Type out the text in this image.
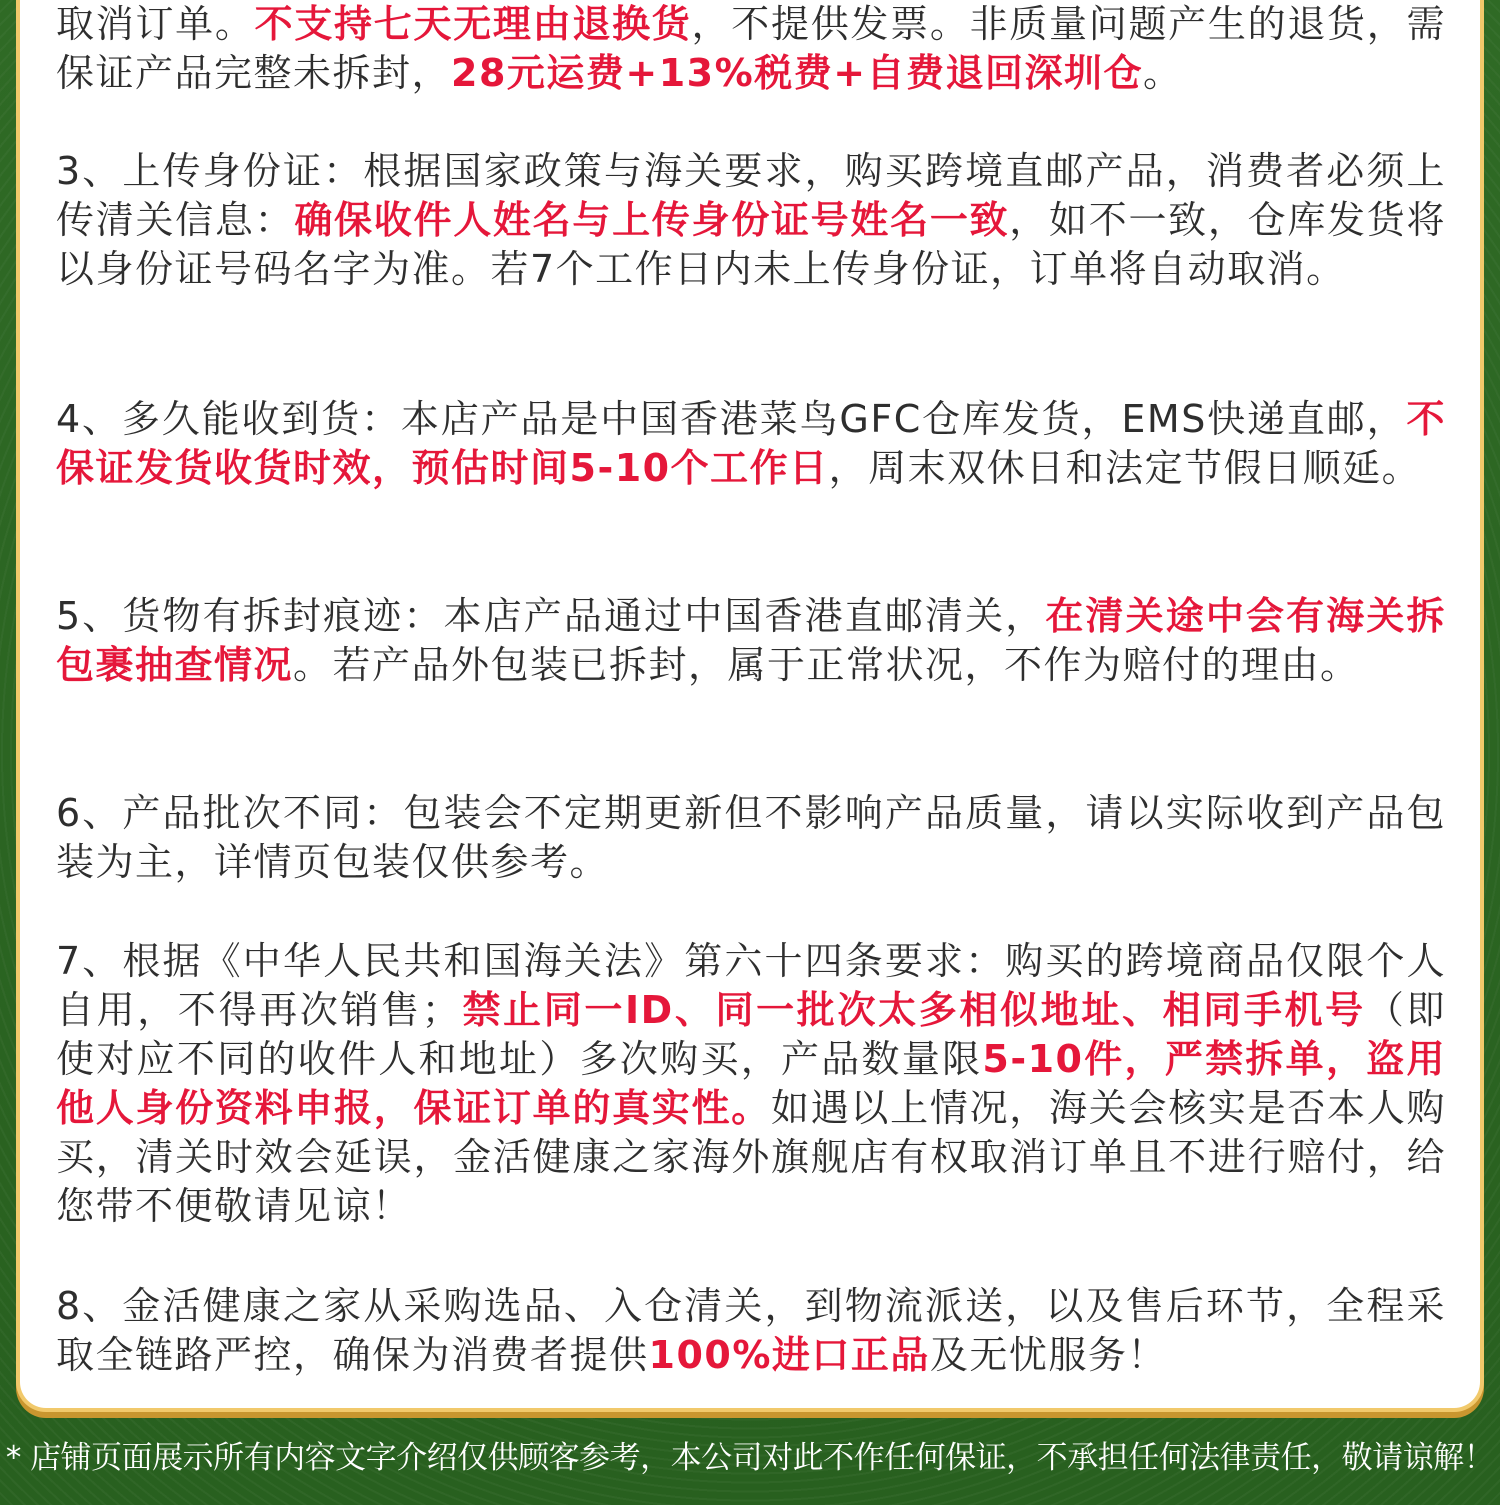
取消订单。不支持七天无理由退换货，不提供发票。非质量问题产生的退货，需保证产品完整未拆封，28元运费+13%税费+自费退回深圳仓。

3、上传身份证：根据国家政策与海关要求，购买跨境直邮产品，消费者必须上传清关信息：确保收件人姓名与上传身份证号姓名一致，如不一致，仓库发货将以身份证号码名字为准。若7个工作日内未上传身份证，订单将自动取消。

4、多久能收到货：本店产品是中国香港菜鸟GFC仓库发货，EMS快递直邮，不保证发货收货时效，预估时间5-10个工作日，周末双休日和法定节假日顺延。

5、货物有拆封痕迹：本店产品通过中国香港直邮清关，在清关途中会有海关拆包裹抽查情况。若产品外包装已拆封，属于正常状况，不作为赔付的理由。

6、产品批次不同：包装会不定期更新但不影响产品质量，请以实际收到产品包装为主，详情页包装仅供参考。

7、根据《中华人民共和国海关法》第六十四条要求：购买的跨境商品仅限个人自用，不得再次销售；禁止同一ID、同一批次太多相似地址、相同手机号（即使对应不同的收件人和地址）多次购买，产品数量限5-10件，严禁拆单，盗用他人身份资料申报，保证订单的真实性。如遇以上情况，海关会核实是否本人购买，清关时效会延误，金活健康之家海外旗舰店有权取消订单且不进行赔付，给您带不便敬请见谅！

8、金活健康之家从采购选品、入仓清关，到物流派送，以及售后环节，全程采取全链路严控，确保为消费者提供100%进口正品及无忧服务！

* 店铺页面展示所有内容文字介绍仅供顾客参考，本公司对此不作任何保证，不承担任何法律责任，敬请谅解！
